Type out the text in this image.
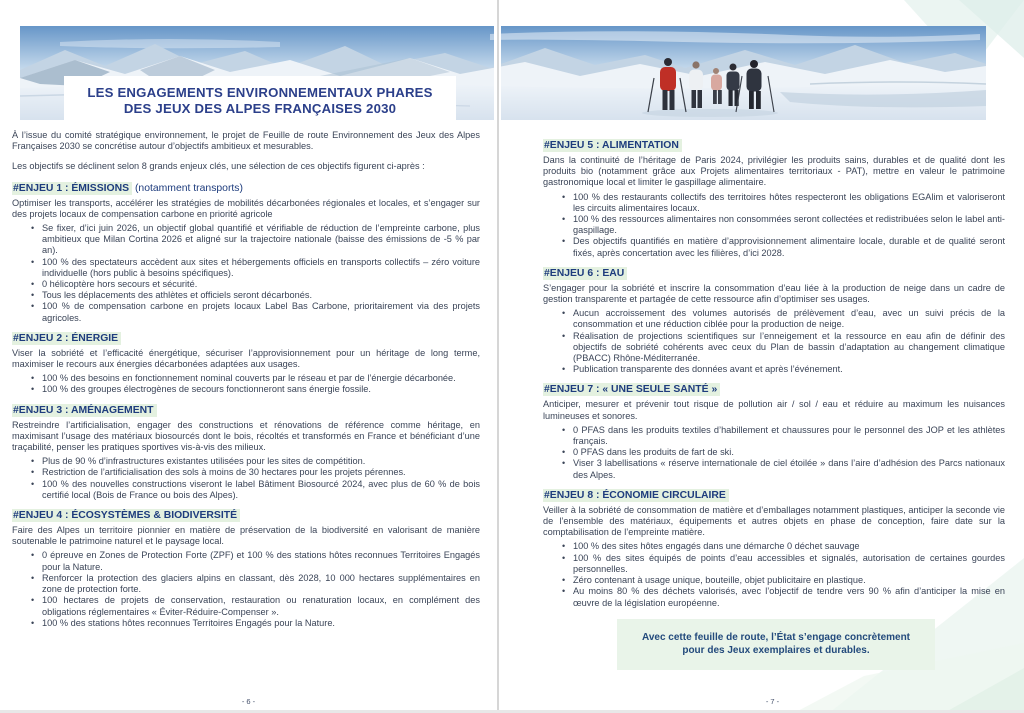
LES ENGAGEMENTS ENVIRONNEMENTAUX PHARES
DES JEUX DES ALPES FRANÇAISES 2030

À l’issue du comité stratégique environnement, le projet de Feuille de route Environnement des Jeux des Alpes Françaises 2030 se concrétise autour d’objectifs ambitieux et mesurables.

Les objectifs se déclinent selon 8 grands enjeux clés, une sélection de ces objectifs figurent ci-après :

#ENJEU 1 : ÉMISSIONS (notamment transports)

Optimiser les transports, accélérer les stratégies de mobilités décarbonées régionales et locales, et s’engager sur des projets locaux de compensation carbone en priorité agricole

• Se fixer, d’ici juin 2026, un objectif global quantifié et vérifiable de réduction de l’empreinte carbone, plus ambitieux que Milan Cortina 2026 et aligné sur la trajectoire nationale (baisse des émissions de -5 % par an).
• 100 % des spectateurs accèdent aux sites et hébergements officiels en transports collectifs – zéro voiture individuelle (hors public à besoins spécifiques).
• 0 hélicoptère hors secours et sécurité.
• Tous les déplacements des athlètes et officiels seront décarbonés.
• 100 % de compensation carbone en projets locaux Label Bas Carbone, prioritairement via des projets agricoles.

#ENJEU 2 : ÉNERGIE

Viser la sobriété et l’efficacité énergétique, sécuriser l’approvisionnement pour un héritage de long terme, maximiser le recours aux énergies décarbonées adaptées aux usages.

• 100 % des besoins en fonctionnement nominal couverts par le réseau et par de l’énergie décarbonée.
• 100 % des groupes électrogènes de secours fonctionneront sans énergie fossile.

#ENJEU 3 : AMÉNAGEMENT

Restreindre l’artificialisation, engager des constructions et rénovations de référence comme héritage, en maximisant l’usage des matériaux biosourcés dont le bois, récoltés et transformés en France et bénéficiant d’une traçabilité, penser les pratiques sportives vis-à-vis des milieux.

• Plus de 90 % d’infrastructures existantes utilisées pour les sites de compétition.
• Restriction de l’artificialisation des sols à moins de 30 hectares pour les projets pérennes.
• 100 % des nouvelles constructions viseront le label Bâtiment Biosourcé 2024, avec plus de 60 % de bois certifié local (Bois de France ou bois des Alpes).

#ENJEU 4 : ÉCOSYSTÈMES & BIODIVERSITÉ

Faire des Alpes un territoire pionnier en matière de préservation de la biodiversité en valorisant de manière soutenable le patrimoine naturel et le paysage local.

• 0 épreuve en Zones de Protection Forte (ZPF) et 100 % des stations hôtes reconnues Territoires Engagés pour la Nature.
• Renforcer la protection des glaciers alpins en classant, dès 2028, 10 000 hectares supplémentaires en zone de protection forte.
• 100 hectares de projets de conservation, restauration ou renaturation locaux, en complément des obligations réglementaires « Éviter-Réduire-Compenser ».
• 100 % des stations hôtes reconnues Territoires Engagés pour la Nature.

#ENJEU 5 : ALIMENTATION

Dans la continuité de l’héritage de Paris 2024, privilégier les produits sains, durables et de qualité dont les produits bio (notamment grâce aux Projets alimentaires territoriaux - PAT), mettre en valeur le patrimoine gastronomique local et limiter le gaspillage alimentaire.

• 100 % des restaurants collectifs des territoires hôtes respecteront les obligations EGAlim et valoriseront les circuits alimentaires locaux.
• 100 % des ressources alimentaires non consommées seront collectées et redistribuées selon le label anti-gaspillage.
• Des objectifs quantifiés en matière d’approvisionnement alimentaire locale, durable et de qualité seront fixés, après concertation avec les filières, d’ici 2028.

#ENJEU 6 : EAU

S’engager pour la sobriété et inscrire la consommation d’eau liée à la production de neige dans un cadre de gestion transparente et partagée de cette ressource afin d’optimiser ses usages.

• Aucun accroissement des volumes autorisés de prélèvement d’eau, avec un suivi précis de la consommation et une réduction ciblée pour la production de neige.
• Réalisation de projections scientifiques sur l’enneigement et la ressource en eau afin de définir des objectifs de sobriété cohérents avec ceux du Plan de bassin d’adaptation au changement climatique (PBACC) Rhône-Méditerranée.
• Publication transparente des données avant et après l’événement.

#ENJEU 7 : « UNE SEULE SANTÉ »

Anticiper, mesurer et prévenir tout risque de pollution air / sol / eau et réduire au maximum les nuisances lumineuses et sonores.

• 0 PFAS dans les produits textiles d’habillement et chaussures pour le personnel des JOP et les athlètes français.
• 0 PFAS dans les produits de fart de ski.
• Viser 3 labellisations « réserve internationale de ciel étoilée » dans l’aire d’adhésion des Parcs nationaux des Alpes.

#ENJEU 8 : ÉCONOMIE CIRCULAIRE

Veiller à la sobriété de consommation de matière et d’emballages notamment plastiques, anticiper la seconde vie de l’ensemble des matériaux, équipements et autres objets en phase de conception, faire date sur la comptabilisation de l’empreinte matière.

• 100 % des sites hôtes engagés dans une démarche 0 déchet sauvage
• 100 % des sites équipés de points d’eau accessibles et signalés, autorisation de certaines gourdes personnelles.
• Zéro contenant à usage unique, bouteille, objet publicitaire en plastique.
• Au moins 80 % des déchets valorisés, avec l’objectif de tendre vers 90 % afin d’anticiper la mise en œuvre de la législation européenne.
Avec cette feuille de route, l’État s’engage concrètement pour des Jeux exemplaires et durables.
- 6 -	- 7 -
